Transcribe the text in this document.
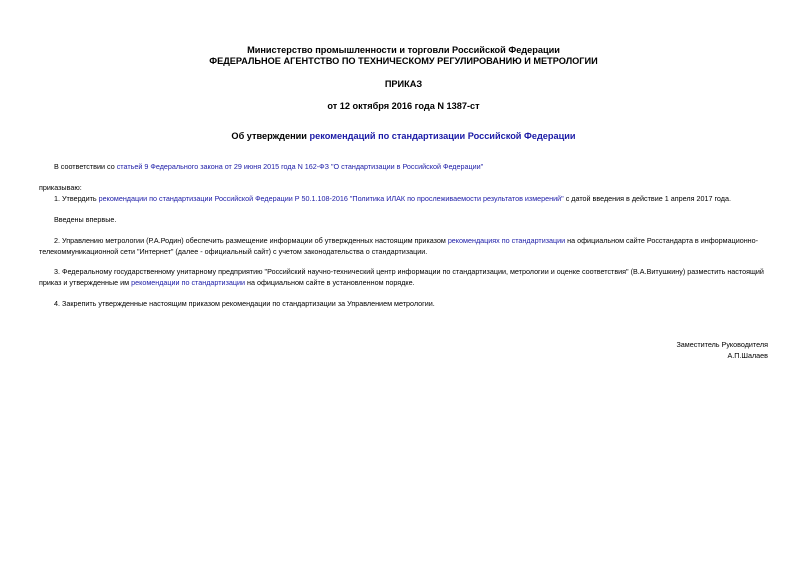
Министерство промышленности и торговли Российской Федерации
ФЕДЕРАЛЬНОЕ АГЕНТСТВО ПО ТЕХНИЧЕСКОМУ РЕГУЛИРОВАНИЮ И МЕТРОЛОГИИ
ПРИКАЗ
от 12 октября 2016 года N 1387-ст
Об утверждении рекомендаций по стандартизации Российской Федерации
В соответствии со статьей 9 Федерального закона от 29 июня 2015 года N 162-ФЗ "О стандартизации в Российской Федерации"
приказываю:
1. Утвердить рекомендации по стандартизации Российской Федерации Р 50.1.108-2016 "Политика ИЛАК по прослеживаемости результатов измерений" с датой введения в действие 1 апреля 2017 года.
Введены впервые.
2. Управлению метрологии (Р.А.Родин) обеспечить размещение информации об утвержденных настоящим приказом рекомендациях по стандартизации на официальном сайте Росстандарта в информационно-
телекоммуникационной сети "Интернет" (далее - официальный сайт) с учетом законодательства о стандартизации.
3. Федеральному государственному унитарному предприятию "Российский научно-технический центр информации по стандартизации, метрологии и оценке соответствия" (В.А.Витушкину) разместить настоящий
приказ и утвержденные им рекомендации по стандартизации на официальном сайте в установленном порядке.
4. Закрепить утвержденные настоящим приказом рекомендации по стандартизации за Управлением метрологии.
Заместитель Руководителя
А.П.Шалаев
